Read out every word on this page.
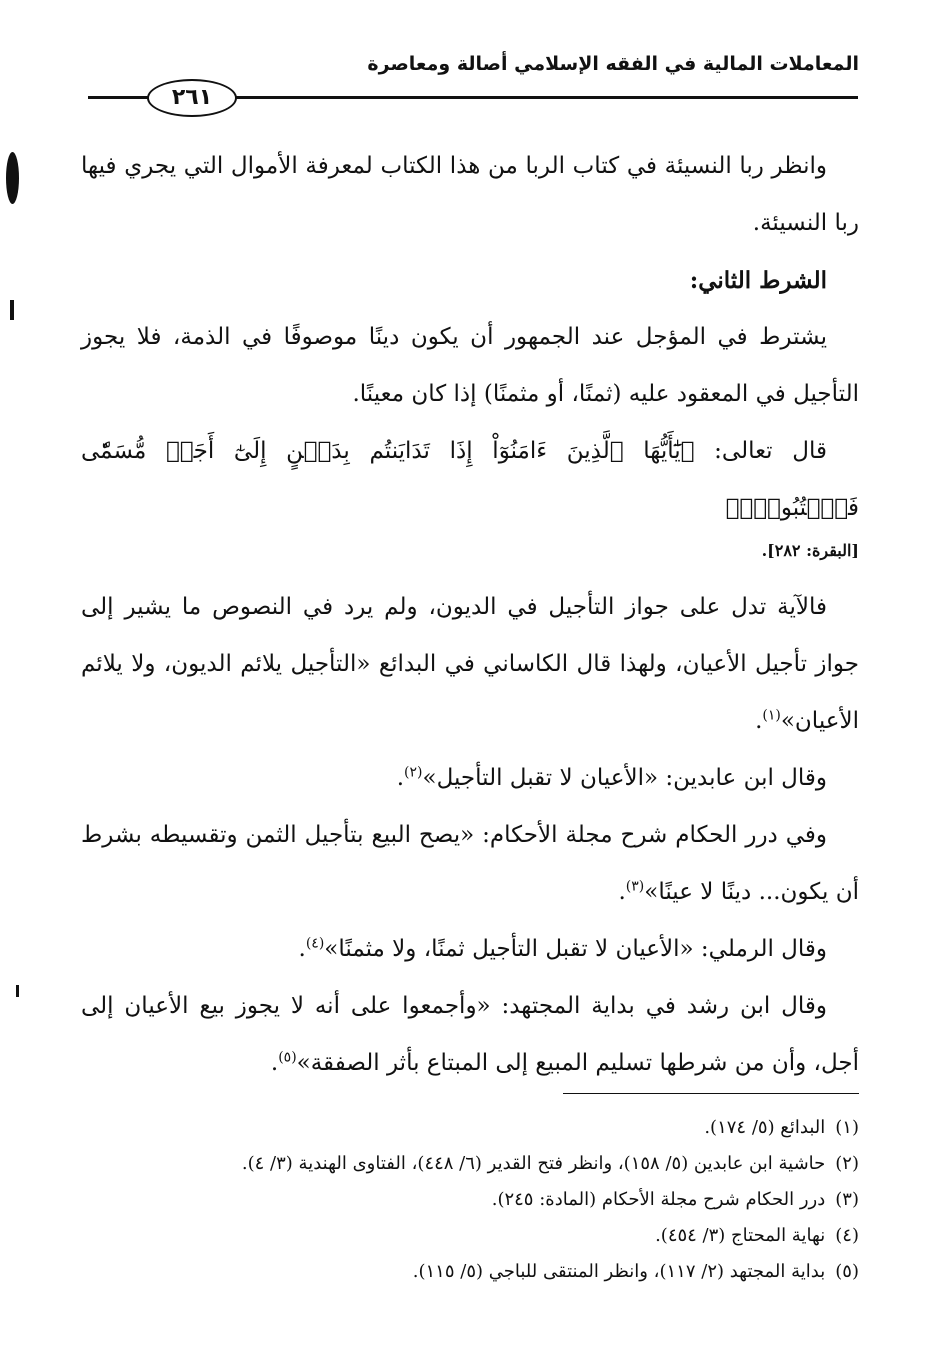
المعاملات المالية في الفقه الإسلامي أصالة ومعاصرة
٢٦١

وانظر ربا النسيئة في كتاب الربا من هذا الكتاب لمعرفة الأموال التي يجري فيها ربا النسيئة.

الشرط الثاني:

يشترط في المؤجل عند الجمهور أن يكون دينًا موصوفًا في الذمة، فلا يجوز التأجيل في المعقود عليه (ثمنًا، أو مثمنًا) إذا كان معينًا.

قال تعالى: ﴿يَٰٓأَيُّهَا ٱلَّذِينَ ءَامَنُوٓاْ إِذَا تَدَايَنتُم بِدَيۡنٍ إِلَىٰٓ أَجَلٖ مُّسَمّٗى فَٱكۡتُبُوهُۚ﴾

[البقرة: ٢٨٢].

فالآية تدل على جواز التأجيل في الديون، ولم يرد في النصوص ما يشير إلى جواز تأجيل الأعيان، ولهذا قال الكاساني في البدائع «التأجيل يلائم الديون، ولا يلائم الأعيان»$^{(١)}$.

وقال ابن عابدين: «الأعيان لا تقبل التأجيل»$^{(٢)}$.

وفي درر الحكام شرح مجلة الأحكام: «يصح البيع بتأجيل الثمن وتقسيطه بشرط أن يكون... دينًا لا عينًا»$^{(٣)}$.

وقال الرملي: «الأعيان لا تقبل التأجيل ثمنًا، ولا مثمنًا»$^{(٤)}$.

وقال ابن رشد في بداية المجتهد: «وأجمعوا على أنه لا يجوز بيع الأعيان إلى أجل، وأن من شرطها تسليم المبيع إلى المبتاع بأثر الصفقة»$^{(٥)}$.

(١)البدائع (٥/ ١٧٤).
(٢)حاشية ابن عابدين (٥/ ١٥٨)، وانظر فتح القدير (٦/ ٤٤٨)، الفتاوى الهندية (٣/ ٤).
(٣)درر الحكام شرح مجلة الأحكام (المادة: ٢٤٥).
(٤)نهاية المحتاج (٣/ ٤٥٤).
(٥)بداية المجتهد (٢/ ١١٧)، وانظر المنتقى للباجي (٥/ ١١٥).
